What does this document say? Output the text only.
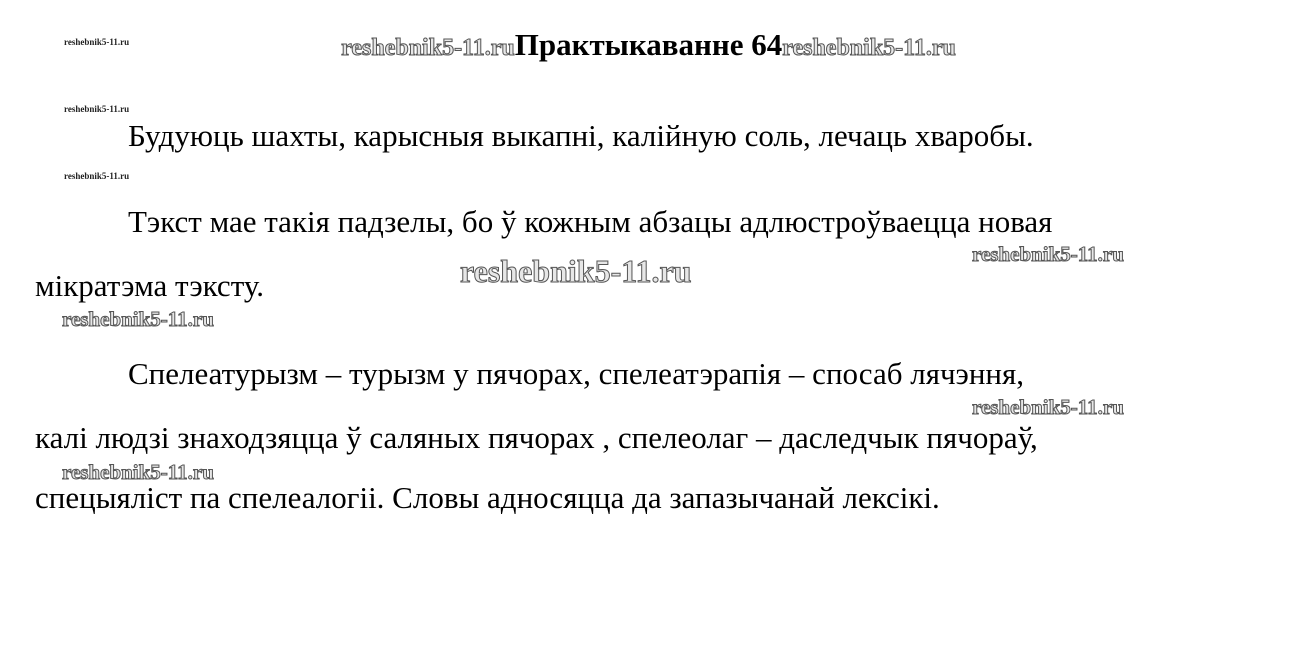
reshebnik5-11.ru
reshebnik5-11.ru
reshebnik5-11.ru
reshebnik5-11.ruПрактыкаванне 64reshebnik5-11.ru
Будуюць шахты, карысныя выкапні, калійную соль, лечаць хваробы.
Тэкст мае такія падзелы, бо ў кожным абзацы адлюстроўваецца новая
мікратэма тэксту.
Спелеатурызм – турызм у пячорах, спелеатэрапія – спосаб лячэння,
калі людзі знаходзяцца ў саляных пячорах , спелеолаг – даследчык пячораў,
спецыяліст па спелеалогіі. Словы адносяцца да запазычанай лексікі.
reshebnik5-11.ru	reshebnik5-11.ru
reshebnik5-11.ru
reshebnik5-11.ru
reshebnik5-11.ru
